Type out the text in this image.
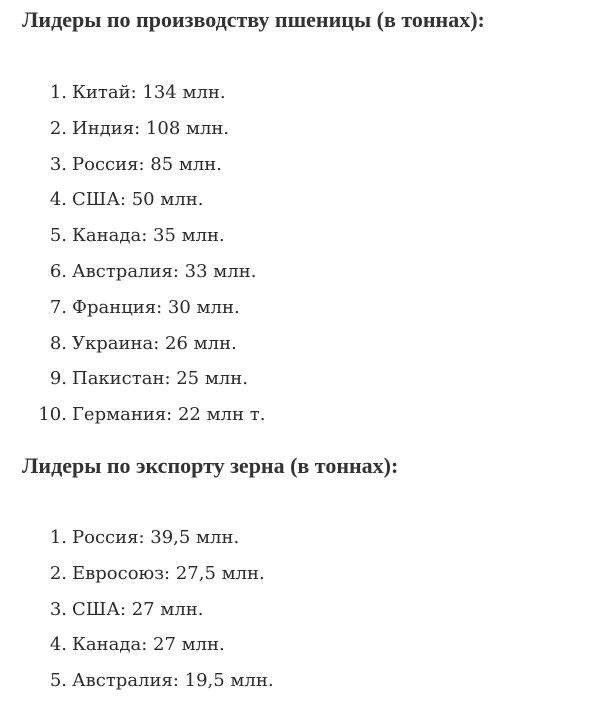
Лидеры по производству пшеницы (в тоннах):

1. Китай: 134 млн.
2. Индия: 108 млн.
3. Россия: 85 млн.
4. США: 50 млн.
5. Канада: 35 млн.
6. Австралия: 33 млн.
7. Франция: 30 млн.
8. Украина: 26 млн.
9. Пакистан: 25 млн.
10. Германия: 22 млн т.

Лидеры по экспорту зерна (в тоннах):

1. Россия: 39,5 млн.
2. Евросоюз: 27,5 млн.
3. США: 27 млн.
4. Канада: 27 млн.
5. Австралия: 19,5 млн.
